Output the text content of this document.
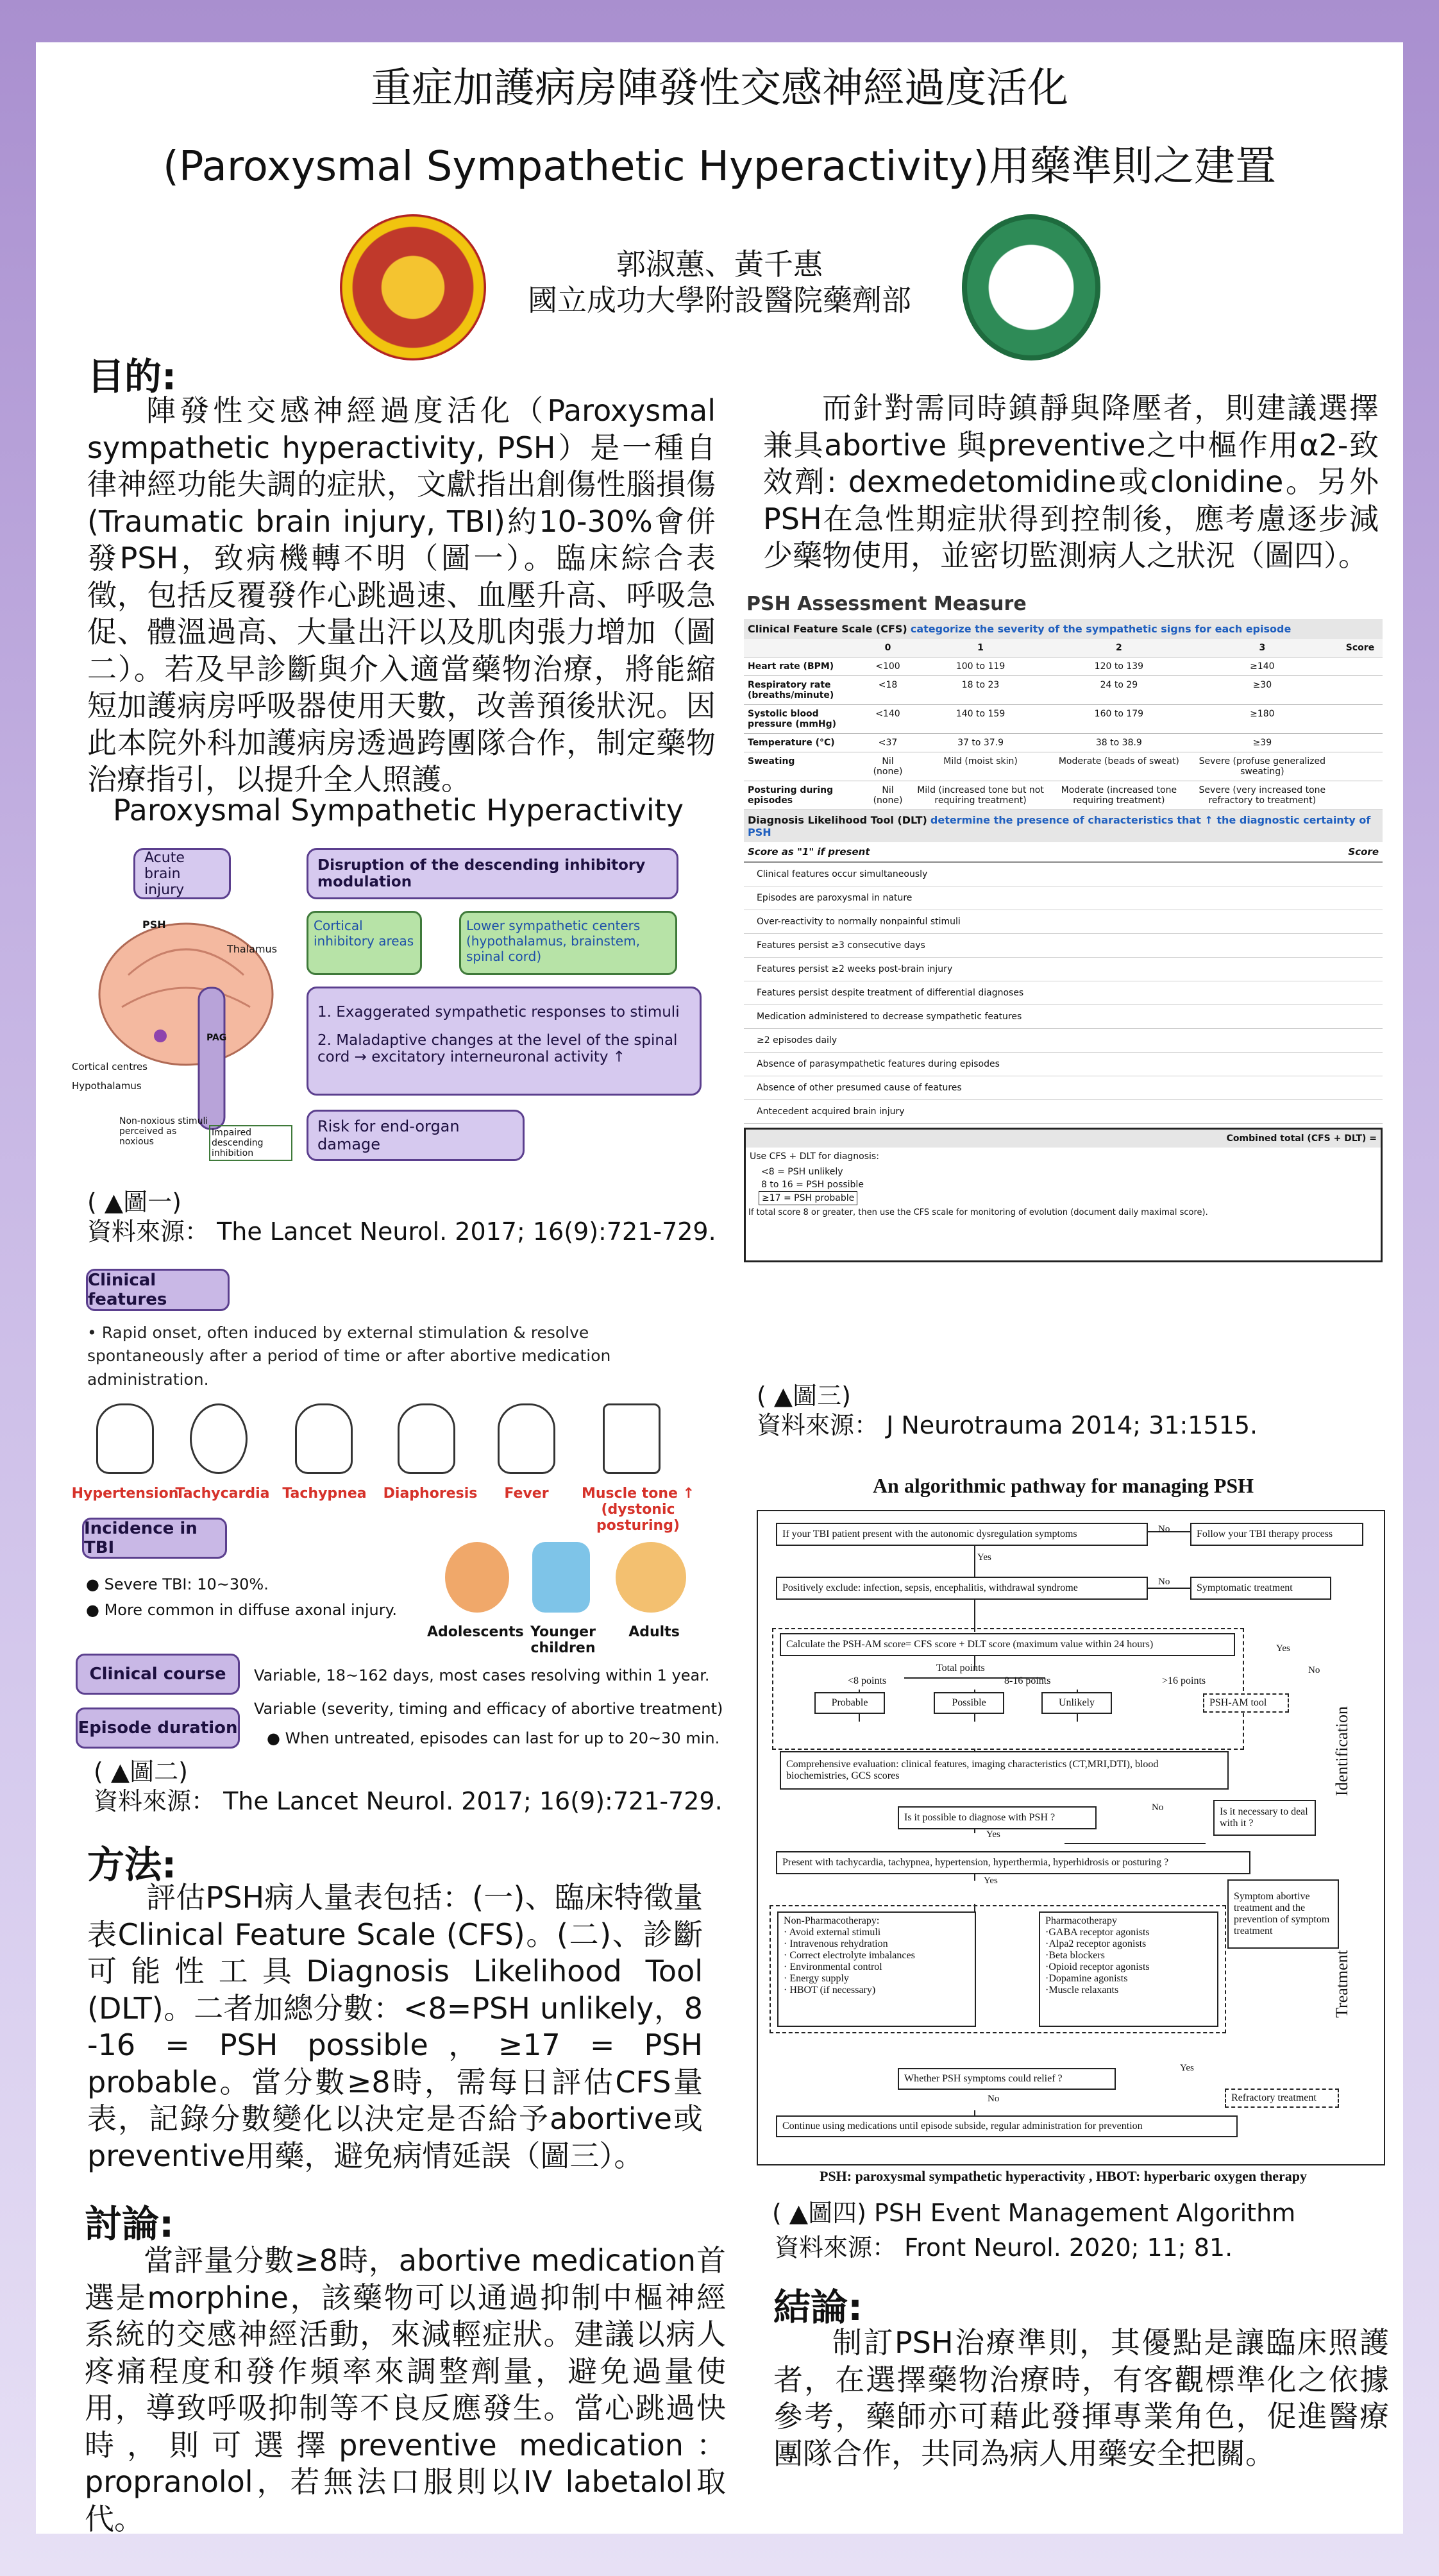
重症加護病房陣發性交感神經過度活化
(Paroxysmal Sympathetic Hyperactivity)用藥準則之建置
郭淑蕙、黃千惠
國立成功大學附設醫院藥劑部
目的:
陣發性交感神經過度活化（Paroxysmal sympathetic hyperactivity, PSH）是一種自律神經功能失調的症狀，文獻指出創傷性腦損傷(Traumatic brain injury, TBI)約10-30%會併發PSH，致病機轉不明（圖一）。臨床綜合表徵，包括反覆發作心跳過速、血壓升高、呼吸急促、體溫過高、大量出汗以及肌肉張力增加（圖二）。若及早診斷與介入適當藥物治療，將能縮短加護病房呼吸器使用天數，改善預後狀況。因此本院外科加護病房透過跨團隊合作，制定藥物治療指引，以提升全人照護。
Paroxysmal Sympathetic Hyperactivity
Acute brain injury
Disruption of the descending inhibitory modulation
Cortical inhibitory areas
Lower sympathetic centers (hypothalamus, brainstem, spinal cord)
1. Exaggerated sympathetic responses to stimuli
2. Maladaptive changes at the level of the spinal cord → excitatory interneuronal activity ↑
Risk for end-organ damage
PSH
Thalamus
PAG
Cortical centres
Hypothalamus
Non-noxious stimuli perceived as noxious
Impaired descending inhibition
( ▲圖一)
資料來源： The Lancet Neurol. 2017; 16(9):721-729.
Clinical features
• Rapid onset, often induced by external stimulation & resolve spontaneously after a period of time or after abortive medication administration.
Hypertension
Tachycardia Tachypnea Diaphoresis	Fever	Muscle tone ↑ (dystonic posturing)
Incidence in TBI
● Severe TBI: 10~30%.
● More common in diffuse axonal injury.
Adolescents Younger children
Adults
Clinical course	Variable, 18~162 days, most cases resolving within 1 year.
Episode duration
Variable (severity, timing and efficacy of abortive treatment)
● When untreated, episodes can last for up to 20~30 min.
( ▲圖二)
資料來源： The Lancet Neurol. 2017; 16(9):721-729.
方法:
評估PSH病人量表包括：(一)、臨床特徵量表Clinical Feature Scale (CFS)。(二)、診斷可能性工具Diagnosis Likelihood Tool (DLT)。二者加總分數：<8=PSH unlikely，8 -16 = PSH possible，≥17 = PSH probable。當分數≥8時，需每日評估CFS量表，記錄分數變化以決定是否給予abortive或preventive用藥，避免病情延誤（圖三）。
討論:
當評量分數≥8時，abortive medication首選是morphine，該藥物可以通過抑制中樞神經系統的交感神經活動，來減輕症狀。建議以病人疼痛程度和發作頻率來調整劑量，避免過量使用，導致呼吸抑制等不良反應發生。當心跳過快時，則可選擇preventive medication：propranolol，若無法口服則以IV labetalol取代。
而針對需同時鎮靜與降壓者，則建議選擇兼具abortive 與preventive之中樞作用α2-致效劑: dexmedetomidine或clonidine。另外PSH在急性期症狀得到控制後，應考慮逐步減少藥物使用，並密切監測病人之狀況（圖四）。
PSH Assessment Measure
Clinical Feature Scale (CFS) categorize the severity of the sympathetic signs for each episode
	0	1	2	3	Score
Heart rate (BPM)	<100	100 to 119	120 to 139	≥140	
Respiratory rate (breaths/minute)	<18	18 to 23	24 to 29	≥30	
Systolic blood pressure (mmHg)	<140	140 to 159	160 to 179	≥180	
Temperature (°C)	<37	37 to 37.9	38 to 38.9	≥39	
Sweating	Nil (none)	Mild (moist skin)	Moderate (beads of sweat)	Severe (profuse generalized sweating)	
Posturing during episodes	Nil (none)	Mild (increased tone but not requiring treatment)	Moderate (increased tone requiring treatment)	Severe (very increased tone refractory to treatment)	
Diagnosis Likelihood Tool (DLT) determine the presence of characteristics that ↑ the diagnostic certainty of PSH
Score as "1" if present	Score
Clinical features occur simultaneously
Episodes are paroxysmal in nature
Over-reactivity to normally nonpainful stimuli
Features persist ≥3 consecutive days
Features persist ≥2 weeks post-brain injury
Features persist despite treatment of differential diagnoses
Medication administered to decrease sympathetic features
≥2 episodes daily
Absence of parasympathetic features during episodes
Absence of other presumed cause of features
Antecedent acquired brain injury
Combined total (CFS + DLT) =
Use CFS + DLT for diagnosis:
<8 = PSH unlikely
8 to 16 = PSH possible
≥17 = PSH probable
If total score 8 or greater, then use the CFS scale for monitoring of evolution (document daily maximal score).
( ▲圖三)
資料來源： J Neurotrauma 2014; 31:1515.
An algorithmic pathway for managing PSH
If your TBI patient present with the autonomic dysregulation symptoms	Follow your TBI therapy process
Positively exclude: infection, sepsis, encephalitis, withdrawal syndrome	Symptomatic treatment
Calculate the PSH-AM score= CFS score + DLT score (maximum value within 24 hours)
Total points
<8 points	8-16 points	>16 points
Probable	Possible	Unlikely	PSH-AM tool
Comprehensive evaluation: clinical features, imaging characteristics (CT,MRI,DTI), blood biochemistries, GCS scores
Is it possible to diagnose with PSH ?
Is it necessary to deal with it ?
Present with tachycardia, tachypnea, hypertension, hyperthermia, hyperhidrosis or posturing ?
Symptom abortive treatment and the prevention of symptom treatment
Non-Pharmacotherapy:
· Avoid external stimuli
· Intravenous rehydration
· Correct electrolyte imbalances
· Environmental control
· Energy supply
· HBOT (if necessary)
Pharmacotherapy
·GABA receptor agonists
·Alpa2 receptor agonists
·Beta blockers
·Opioid receptor agonists
·Dopamine agonists
·Muscle relaxants
Whether PSH symptoms could relief ?
Refractory treatment
Continue using medications until episode subside, regular administration for prevention
Yes
No
No
Yes
No
Yes
No
Yes
Yes
No
Identification
Treatment
PSH: paroxysmal sympathetic hyperactivity , HBOT: hyperbaric oxygen therapy
( ▲圖四) PSH Event Management Algorithm
資料來源： Front Neurol. 2020; 11; 81.
結論:
制訂PSH治療準則，其優點是讓臨床照護者，在選擇藥物治療時，有客觀標準化之依據參考，藥師亦可藉此發揮專業角色，促進醫療團隊合作，共同為病人用藥安全把關。
